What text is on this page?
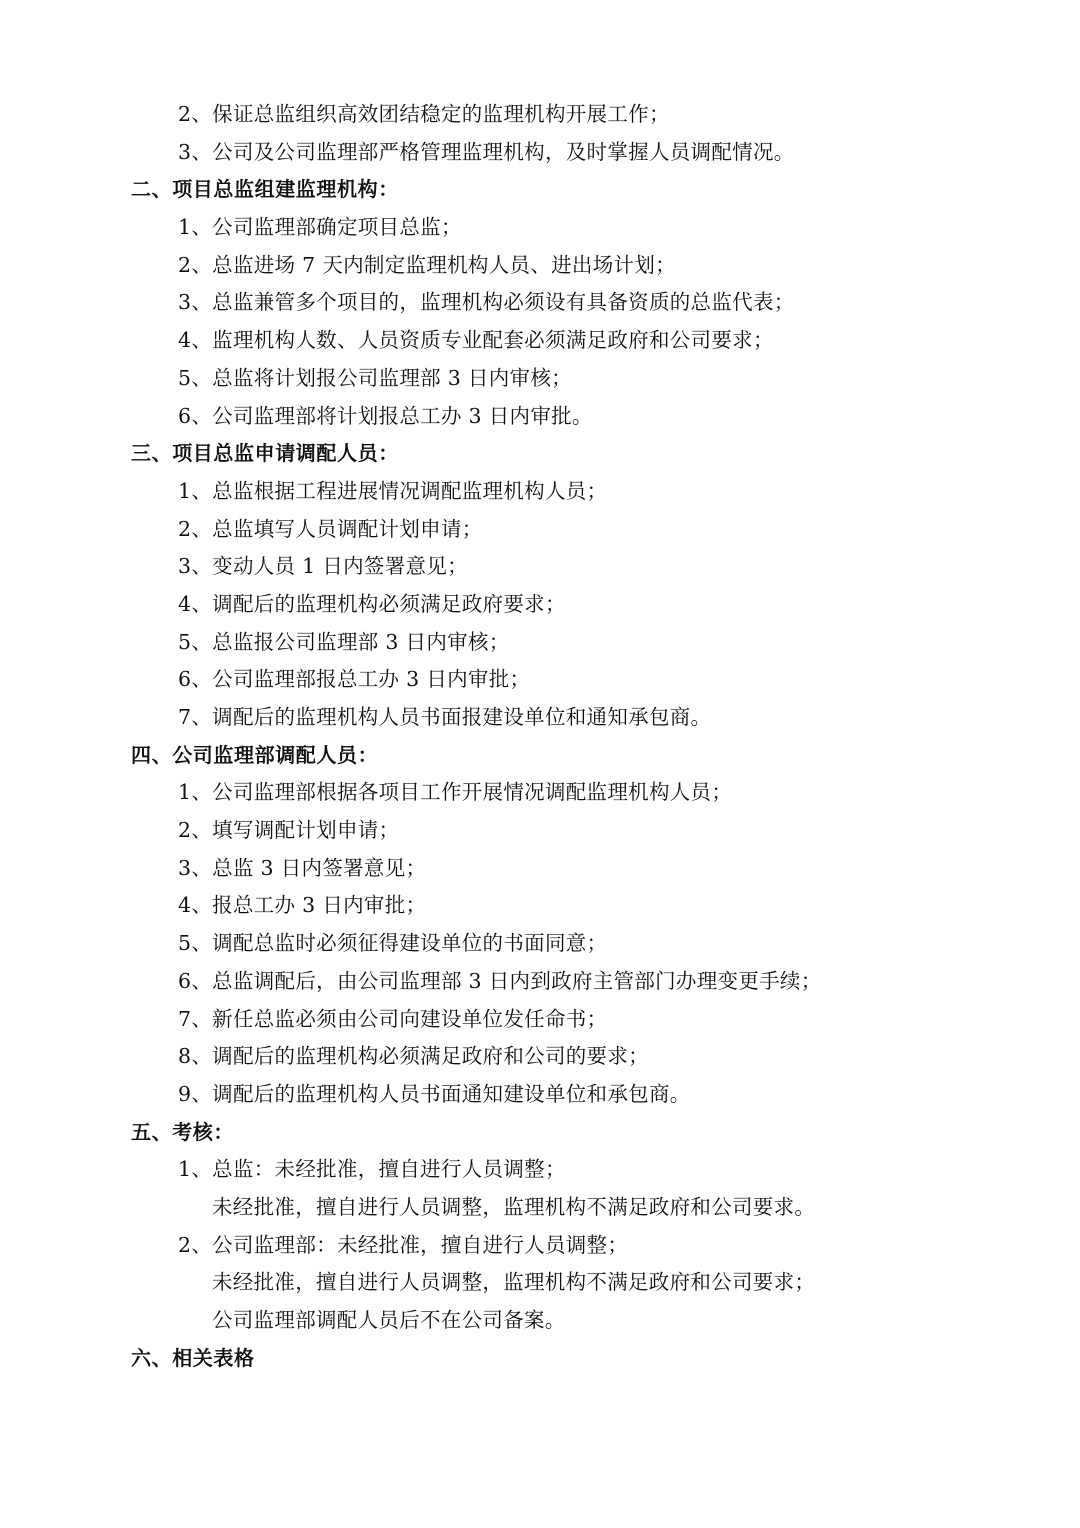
2、保证总监组织高效团结稳定的监理机构开展工作；
3、公司及公司监理部严格管理监理机构，及时掌握人员调配情况。
二、项目总监组建监理机构：
1、公司监理部确定项目总监；
2、总监进场 7 天内制定监理机构人员、进出场计划；
3、总监兼管多个项目的，监理机构必须设有具备资质的总监代表；
4、监理机构人数、人员资质专业配套必须满足政府和公司要求；
5、总监将计划报公司监理部 3 日内审核；
6、公司监理部将计划报总工办 3 日内审批。
三、项目总监申请调配人员：
1、总监根据工程进展情况调配监理机构人员；
2、总监填写人员调配计划申请；
3、变动人员 1 日内签署意见；
4、调配后的监理机构必须满足政府要求；
5、总监报公司监理部 3 日内审核；
6、公司监理部报总工办 3 日内审批；
7、调配后的监理机构人员书面报建设单位和通知承包商。
四、公司监理部调配人员：
1、公司监理部根据各项目工作开展情况调配监理机构人员；
2、填写调配计划申请；
3、总监 3 日内签署意见；
4、报总工办 3 日内审批；
5、调配总监时必须征得建设单位的书面同意；
6、总监调配后，由公司监理部 3 日内到政府主管部门办理变更手续；
7、新任总监必须由公司向建设单位发任命书；
8、调配后的监理机构必须满足政府和公司的要求；
9、调配后的监理机构人员书面通知建设单位和承包商。
五、考核：
1、总监：未经批准，擅自进行人员调整；
未经批准，擅自进行人员调整，监理机构不满足政府和公司要求。
2、公司监理部：未经批准，擅自进行人员调整；
未经批准，擅自进行人员调整，监理机构不满足政府和公司要求；
公司监理部调配人员后不在公司备案。
六、相关表格
